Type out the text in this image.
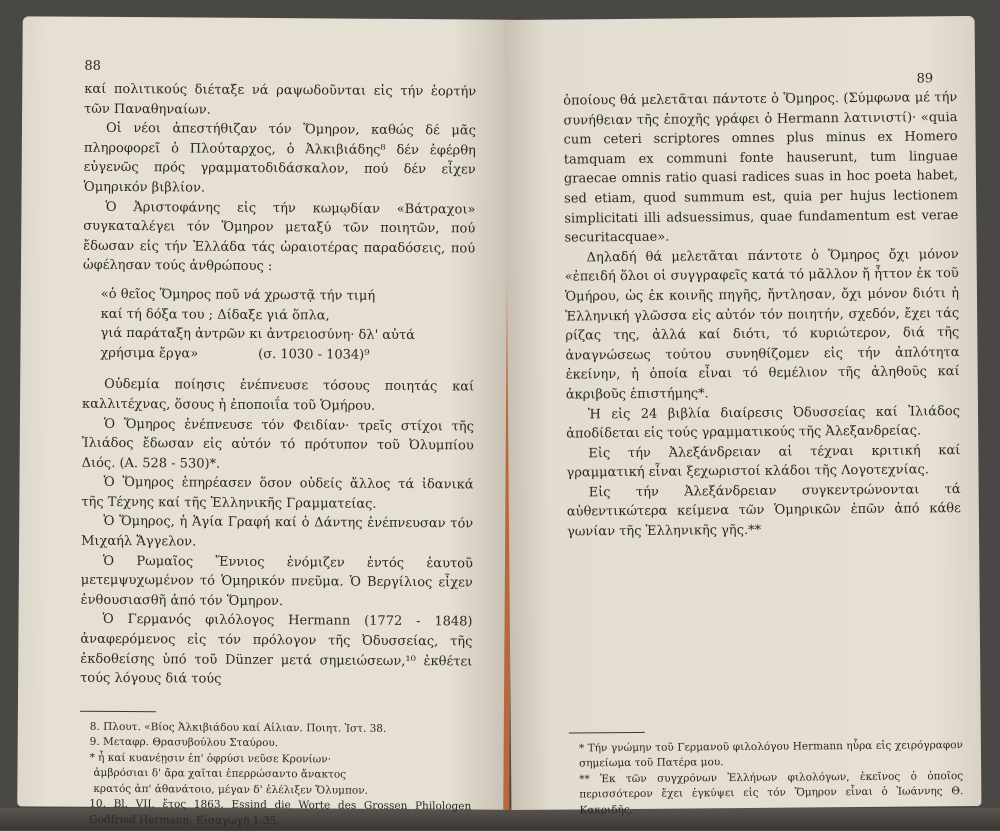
88

καί πολιτικούς διέταξε νά ραψωδοῦνται εἰς τήν ἑορτήν τῶν Παναθηναίων.

Οἱ νέοι ἀπεστήθιζαν τόν Ὅμηρον, καθώς δέ μᾶς πληροφορεῖ ὁ Πλούταρχος, ὁ Ἀλκιβιάδης⁸ δέν ἐφέρθη εὐγενῶς πρός γραμματοδιδάσκαλον, πού δέν εἶχεν Ὁμηρικόν βιβλίον.

Ὁ Ἀριστοφάνης εἰς τήν κωμῳδίαν «Βάτραχοι» συγκαταλέγει τόν Ὅμηρον μεταξύ τῶν ποιητῶν, πού ἔδωσαν εἰς τήν Ἑλλάδα τάς ὡραιοτέρας παραδόσεις, πού ὠφέλησαν τούς ἀνθρώπους :

«ὁ θεῖος Ὅμηρος ποῦ νά χρωστᾷ τήν τιμή
καί τή δόξα του ; Δίδαξε γιά ὅπλα,
γιά παράταξη ἀντρῶν κι ἀντρειοσύνη· δλ' αὐτά
χρήσιμα ἔργα»	(σ. 1030 - 1034)⁹

Οὐδεμία ποίησις ἐνέπνευσε τόσους ποιητάς καί καλλιτέχνας, ὅσους ἡ ἐποποιΐα τοῦ Ὁμήρου.

Ὁ Ὅμηρος ἐνέπνευσε τόν Φειδίαν· τρεῖς στίχοι τῆς Ἰλιάδος ἔδωσαν εἰς αὐτόν τό πρότυπον τοῦ Ὀλυμπίου Διός. (Α. 528 - 530)*.

Ὁ Ὅμηρος ἐπηρέασεν ὅσον οὐδείς ἄλλος τά ἰδανικά τῆς Τέχνης καί τῆς Ἑλληνικῆς Γραμματείας.

Ὁ Ὅμηρος, ἡ Ἁγία Γραφή καί ὁ Δάντης ἐνέπνευσαν τόν Μιχαήλ Ἄγγελον.

Ὁ Ρωμαῖος Ἔννιος ἐνόμιζεν ἐντός ἑαυτοῦ μετεμψυχωμένον τό Ὁμηρικόν πνεῦμα. Ὁ Βεργίλιος εἶχεν ἐνθουσιασθῆ ἀπό τόν Ὅμηρον.

Ὁ Γερμανός φιλόλογος Hermann (1772 - 1848) ἀναφερόμενος εἰς τόν πρόλογον τῆς Ὀδυσσείας, τῆς ἐκδοθείσης ὑπό τοῦ Dünzer μετά σημειώσεων,¹⁰ ἐκθέτει τούς λόγους διά τούς

8. Πλουτ. «Βίος Ἀλκιβιάδου καί Αἰλιαν. Ποιητ. Ἱστ. 38.

9. Μεταφρ. Θρασυβούλου Σταύρου.

* ἦ καί κυανέῃσιν ἐπ' ὀφρύσι νεῦσε Κρονίων·

ἀμβρόσιαι δ' ἄρα χαῖται ἐπερρώσαντο ἄνακτος

κρατός ἀπ' ἀθανάτοιο, μέγαν δ' ἐλέλιξεν Ὄλυμπον.

10. Bl. VII, ἔτος 1863. Essind die Worte des Grossen Philologen Godfried Hermann, Εἰσαγωγή 1-35.

89

ὁποίους θά μελετᾶται πάντοτε ὁ Ὅμηρος. (Σύμφωνα μέ τήν συνήθειαν τῆς ἐποχῆς γράφει ὁ Hermann λατινιστί)· «quia cum ceteri scriptores omnes plus minus ex Homero tamquam ex communi fonte hauserunt, tum linguae graecae omnis ratio quasi radices suas in hoc poeta habet, sed etiam, quod summum est, quia per hujus lectionem simplicitati illi adsuessimus, quae fundamentum est verae securitacquae».

Δηλαδή θά μελετᾶται πάντοτε ὁ Ὅμηρος ὄχι μόνον «ἐπειδή ὅλοι οἱ συγγραφεῖς κατά τό μᾶλλον ἤ ἧττον ἐκ τοῦ Ὁμήρου, ὡς ἐκ κοινῆς πηγῆς, ἤντλησαν, ὄχι μόνον διότι ἡ Ἑλληνική γλῶσσα εἰς αὐτόν τόν ποιητήν, σχεδόν, ἔχει τάς ρίζας της, ἀλλά καί διότι, τό κυριώτερον, διά τῆς ἀναγνώσεως τούτου συνηθίζομεν εἰς τήν ἁπλότητα ἐκείνην, ἡ ὁποία εἶναι τό θεμέλιον τῆς ἀληθοῦς καί ἀκριβοῦς ἐπιστήμης*.

Ἡ εἰς 24 βιβλία διαίρεσις Ὀδυσσείας καί Ἰλιάδος ἀποδίδεται εἰς τούς γραμματικούς τῆς Ἀλεξανδρείας.

Εἰς τήν Ἀλεξάνδρειαν αἱ τέχναι κριτική καί γραμματική εἶναι ξεχωριστοί κλάδοι τῆς Λογοτεχνίας.

Εἰς τήν Ἀλεξάνδρειαν συγκεντρώνονται τά αὐθεντικώτερα κείμενα τῶν Ὁμηρικῶν ἐπῶν ἀπό κάθε γωνίαν τῆς Ἑλληνικῆς γῆς.**

* Τήν γνώμην τοῦ Γερμανοῦ φιλολόγου Hermann ηὗρα εἰς χειρόγραφον σημείωμα τοῦ Πατέρα μου.

** Ἐκ τῶν συγχρόνων Ἑλλήνων φιλολόγων, ἐκεῖνος ὁ ὁποῖος περισσότερον ἔχει ἐγκύψει εἰς τόν Ὅμηρον εἶναι ὁ Ἰωάννης Θ. Κακριδῆς.
